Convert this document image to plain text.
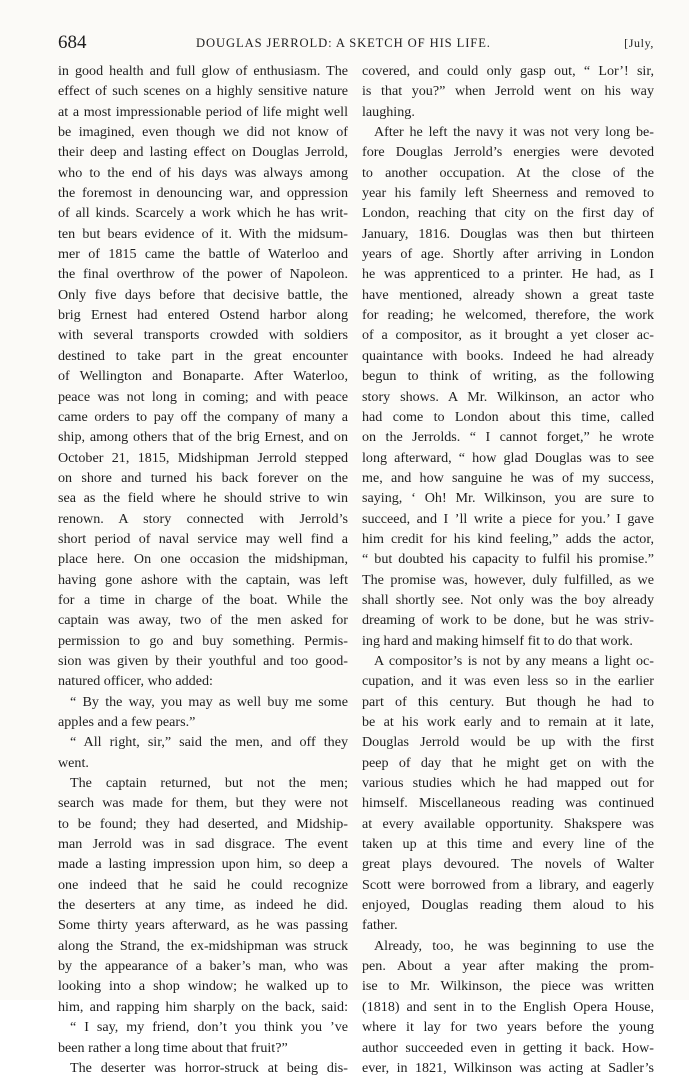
684	DOUGLAS JERROLD: A SKETCH OF HIS LIFE.	[July,
in good health and full glow of enthusiasm. The
effect of such scenes on a highly sensitive nature
at a most impressionable period of life might well
be imagined, even though we did not know of
their deep and lasting effect on Douglas Jerrold,
who to the end of his days was always among
the foremost in denouncing war, and oppression
of all kinds. Scarcely a work which he has writ-
ten but bears evidence of it. With the midsum-
mer of 1815 came the battle of Waterloo and
the final overthrow of the power of Napoleon.
Only five days before that decisive battle, the
brig Ernest had entered Ostend harbor along
with several transports crowded with soldiers
destined to take part in the great encounter
of Wellington and Bonaparte. After Waterloo,
peace was not long in coming; and with peace
came orders to pay off the company of many a
ship, among others that of the brig Ernest, and on
October 21, 1815, Midshipman Jerrold stepped
on shore and turned his back forever on the
sea as the field where he should strive to win
renown. A story connected with Jerrold’s
short period of naval service may well find a
place here. On one occasion the midshipman,
having gone ashore with the captain, was left
for a time in charge of the boat. While the
captain was away, two of the men asked for
permission to go and buy something. Permis-
sion was given by their youthful and too good-
natured officer, who added:
“ By the way, you may as well buy me some
apples and a few pears.”
“ All right, sir,” said the men, and off they
went.
The captain returned, but not the men;
search was made for them, but they were not
to be found; they had deserted, and Midship-
man Jerrold was in sad disgrace. The event
made a lasting impression upon him, so deep a
one indeed that he said he could recognize
the deserters at any time, as indeed he did.
Some thirty years afterward, as he was passing
along the Strand, the ex-midshipman was struck
by the appearance of a baker’s man, who was
looking into a shop window; he walked up to
him, and rapping him sharply on the back, said:
“ I say, my friend, don’t you think you ’ve
been rather a long time about that fruit?”
The deserter was horror-struck at being dis-
covered, and could only gasp out, “ Lor’! sir,
is that you?” when Jerrold went on his way
laughing.
After he left the navy it was not very long be-
fore Douglas Jerrold’s energies were devoted
to another occupation. At the close of the
year his family left Sheerness and removed to
London, reaching that city on the first day of
January, 1816. Douglas was then but thirteen
years of age. Shortly after arriving in London
he was apprenticed to a printer. He had, as I
have mentioned, already shown a great taste
for reading; he welcomed, therefore, the work
of a compositor, as it brought a yet closer ac-
quaintance with books. Indeed he had already
begun to think of writing, as the following
story shows. A Mr. Wilkinson, an actor who
had come to London about this time, called
on the Jerrolds. “ I cannot forget,” he wrote
long afterward, “ how glad Douglas was to see
me, and how sanguine he was of my success,
saying, ‘ Oh! Mr. Wilkinson, you are sure to
succeed, and I ’ll write a piece for you.’ I gave
him credit for his kind feeling,” adds the actor,
“ but doubted his capacity to fulfil his promise.”
The promise was, however, duly fulfilled, as we
shall shortly see. Not only was the boy already
dreaming of work to be done, but he was striv-
ing hard and making himself fit to do that work.
A compositor’s is not by any means a light oc-
cupation, and it was even less so in the earlier
part of this century. But though he had to
be at his work early and to remain at it late,
Douglas Jerrold would be up with the first
peep of day that he might get on with the
various studies which he had mapped out for
himself. Miscellaneous reading was continued
at every available opportunity. Shakspere was
taken up at this time and every line of the
great plays devoured. The novels of Walter
Scott were borrowed from a library, and eagerly
enjoyed, Douglas reading them aloud to his
father.
Already, too, he was beginning to use the
pen. About a year after making the prom-
ise to Mr. Wilkinson, the piece was written
(1818) and sent in to the English Opera House,
where it lay for two years before the young
author succeeded even in getting it back. How-
ever, in 1821, Wilkinson was acting at Sadler’s
